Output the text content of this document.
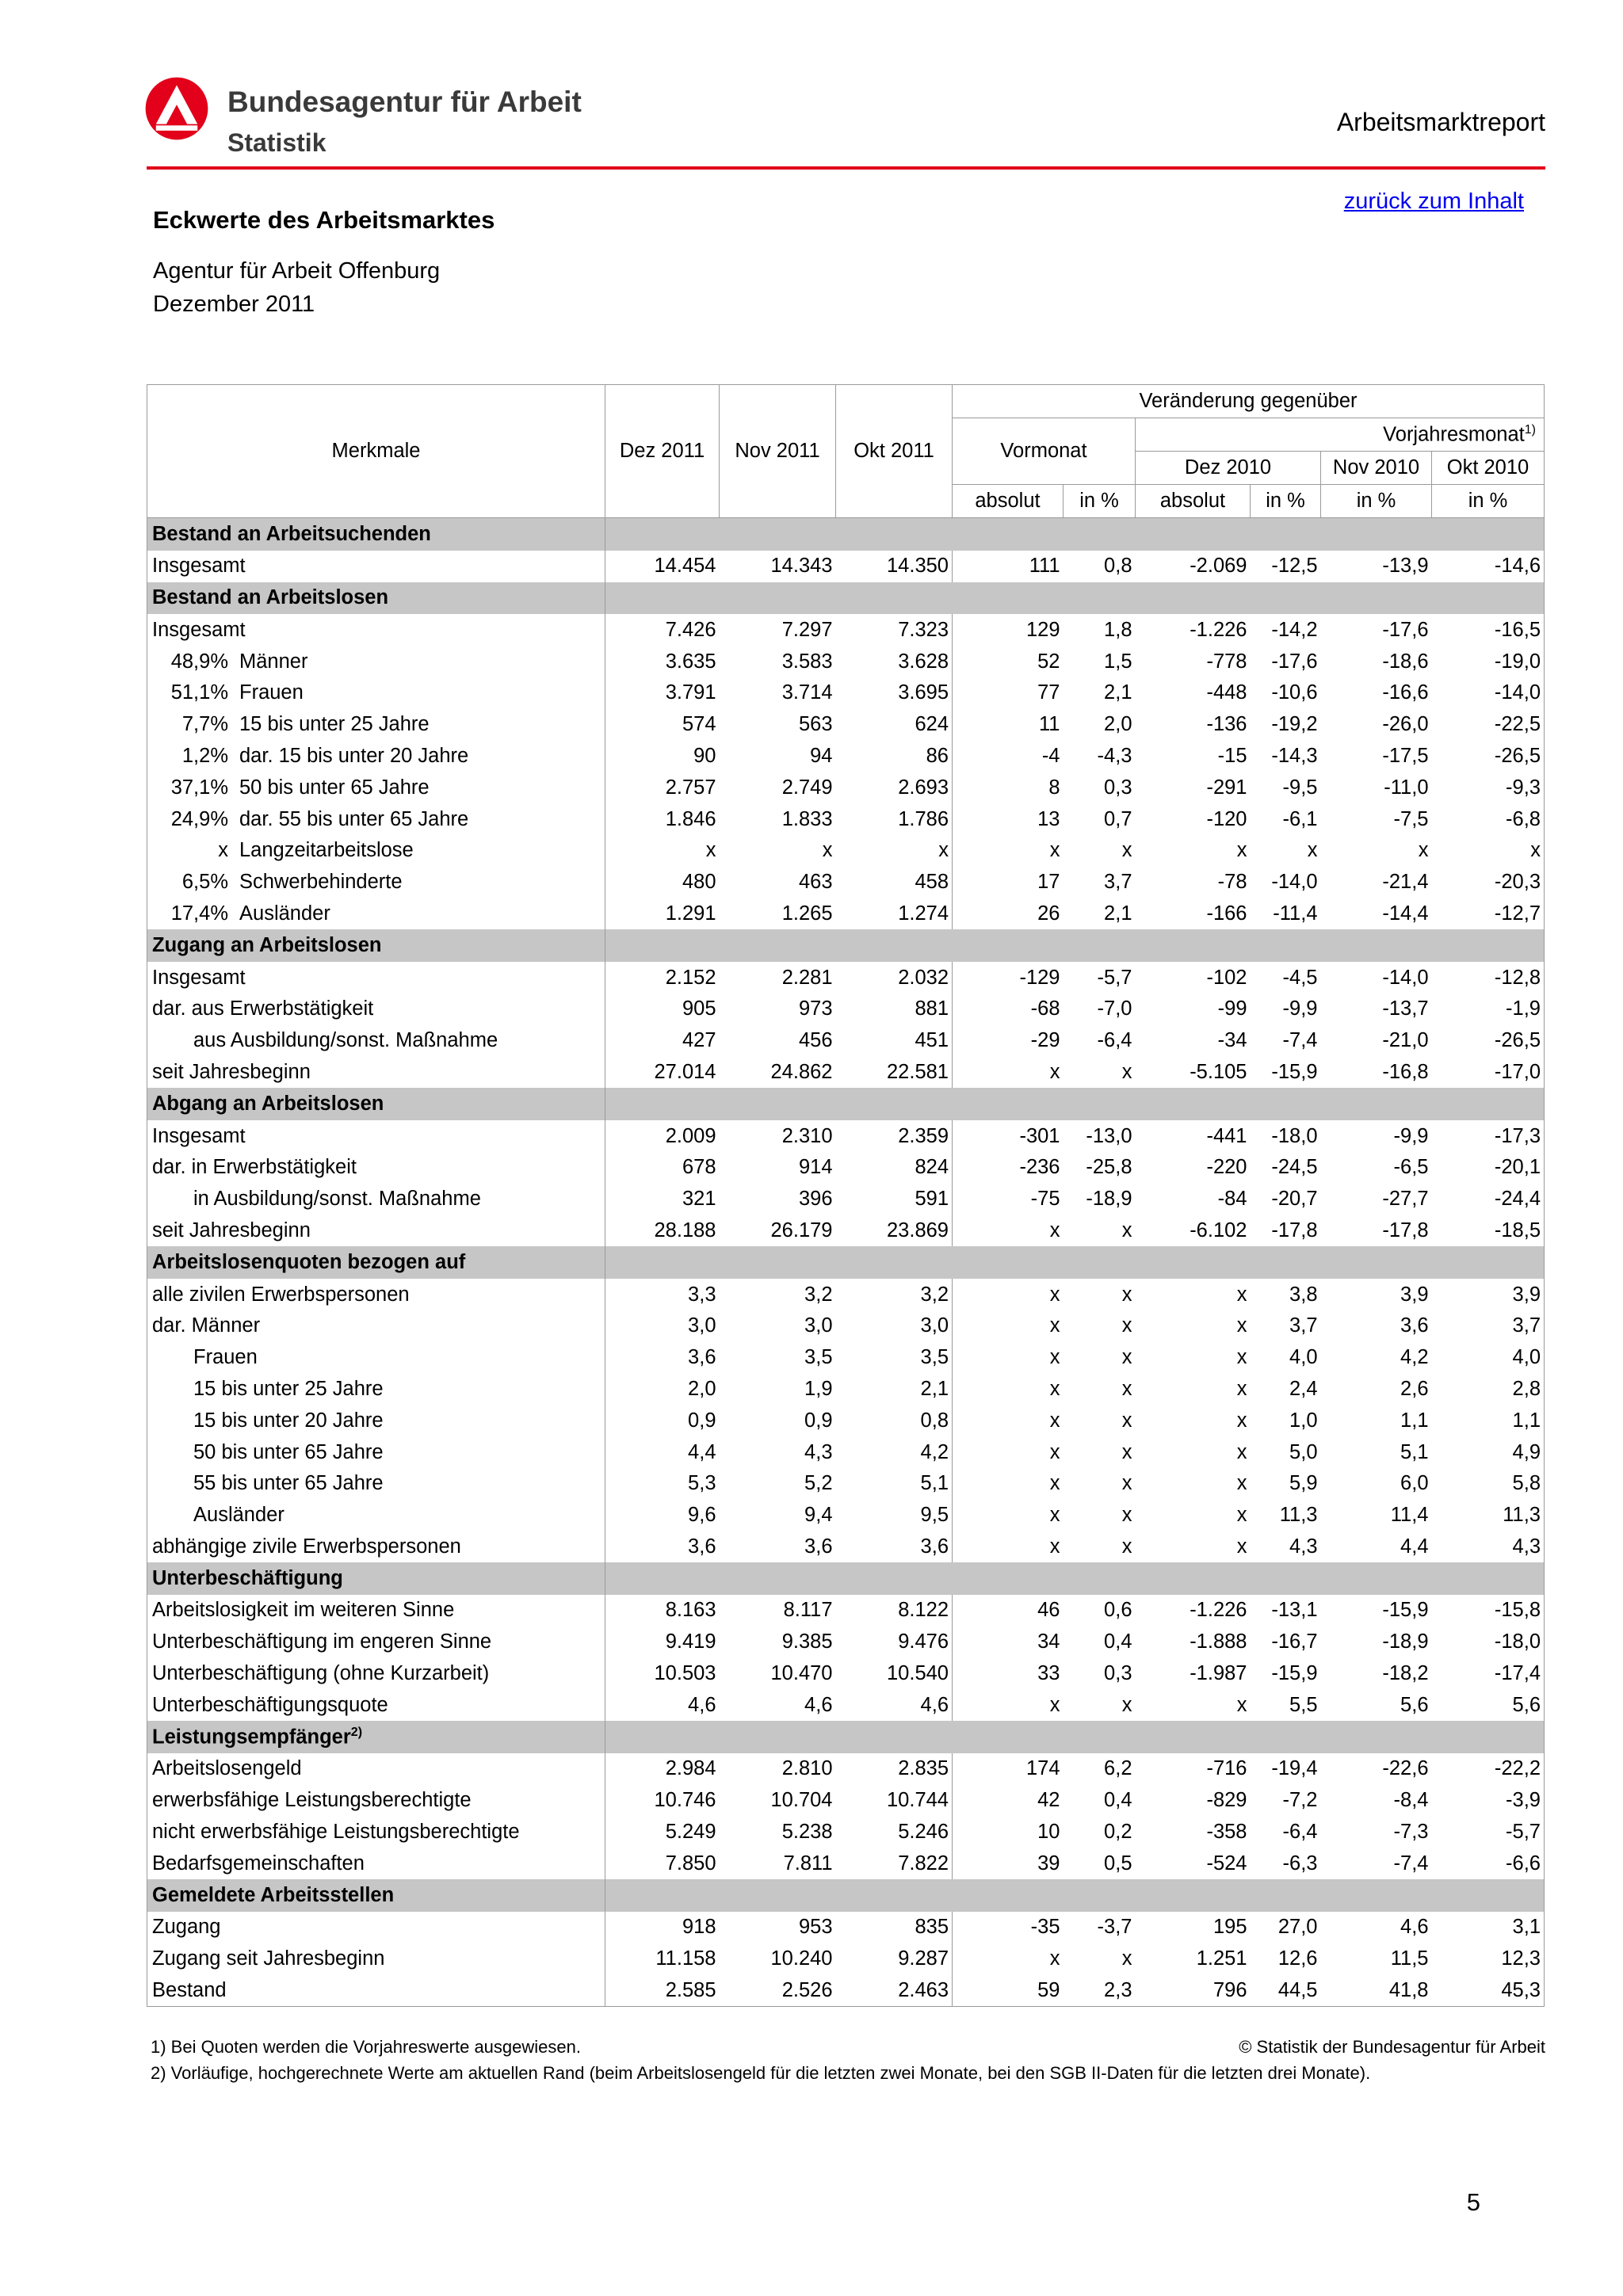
Bundesagentur für Arbeit
Statistik
Arbeitsmarktreport
zurück zum Inhalt
Eckwerte des Arbeitsmarktes
Agentur für Arbeit Offenburg
Dezember 2011
Merkmale	Dez 2011	Nov 2011	Okt 2011	Veränderung gegenüber					
				Vormonat		Vorjahresmonat$^{1)}$
						Dez 2010		Nov 2010	Okt 2010
				absolut	in %	absolut	in %	in %	in %
Bestand an Arbeitsuchenden									
Insgesamt	14.454	14.343	14.350	111	0,8	-2.069	-12,5	-13,9	-14,6
Bestand an Arbeitslosen									
Insgesamt	7.426	7.297	7.323	129	1,8	-1.226	-14,2	-17,6	-16,5
48,9% Männer	3.635	3.583	3.628	52	1,5	-778	-17,6	-18,6	-19,0
51,1% Frauen	3.791	3.714	3.695	77	2,1	-448	-10,6	-16,6	-14,0
7,7% 15 bis unter 25 Jahre	574	563	624	11	2,0	-136	-19,2	-26,0	-22,5
1,2% dar. 15 bis unter 20 Jahre	90	94	86	-4	-4,3	-15	-14,3	-17,5	-26,5
37,1% 50 bis unter 65 Jahre	2.757	2.749	2.693	8	0,3	-291	-9,5	-11,0	-9,3
24,9% dar. 55 bis unter 65 Jahre	1.846	1.833	1.786	13	0,7	-120	-6,1	-7,5	-6,8
x Langzeitarbeitslose	x	x	x	x	x	x	x	x	x
6,5% Schwerbehinderte	480	463	458	17	3,7	-78	-14,0	-21,4	-20,3
17,4% Ausländer	1.291	1.265	1.274	26	2,1	-166	-11,4	-14,4	-12,7
Zugang an Arbeitslosen									
Insgesamt	2.152	2.281	2.032	-129	-5,7	-102	-4,5	-14,0	-12,8
dar. aus Erwerbstätigkeit	905	973	881	-68	-7,0	-99	-9,9	-13,7	-1,9
aus Ausbildung/sonst. Maßnahme	427	456	451	-29	-6,4	-34	-7,4	-21,0	-26,5
seit Jahresbeginn	27.014	24.862	22.581	x	x	-5.105	-15,9	-16,8	-17,0
Abgang an Arbeitslosen									
Insgesamt	2.009	2.310	2.359	-301	-13,0	-441	-18,0	-9,9	-17,3
dar. in Erwerbstätigkeit	678	914	824	-236	-25,8	-220	-24,5	-6,5	-20,1
in Ausbildung/sonst. Maßnahme	321	396	591	-75	-18,9	-84	-20,7	-27,7	-24,4
seit Jahresbeginn	28.188	26.179	23.869	x	x	-6.102	-17,8	-17,8	-18,5
Arbeitslosenquoten bezogen auf									
alle zivilen Erwerbspersonen	3,3	3,2	3,2	x	x	x	3,8	3,9	3,9
dar. Männer	3,0	3,0	3,0	x	x	x	3,7	3,6	3,7
Frauen	3,6	3,5	3,5	x	x	x	4,0	4,2	4,0
15 bis unter 25 Jahre	2,0	1,9	2,1	x	x	x	2,4	2,6	2,8
15 bis unter 20 Jahre	0,9	0,9	0,8	x	x	x	1,0	1,1	1,1
50 bis unter 65 Jahre	4,4	4,3	4,2	x	x	x	5,0	5,1	4,9
55 bis unter 65 Jahre	5,3	5,2	5,1	x	x	x	5,9	6,0	5,8
Ausländer	9,6	9,4	9,5	x	x	x	11,3	11,4	11,3
abhängige zivile Erwerbspersonen	3,6	3,6	3,6	x	x	x	4,3	4,4	4,3
Unterbeschäftigung									
Arbeitslosigkeit im weiteren Sinne	8.163	8.117	8.122	46	0,6	-1.226	-13,1	-15,9	-15,8
Unterbeschäftigung im engeren Sinne	9.419	9.385	9.476	34	0,4	-1.888	-16,7	-18,9	-18,0
Unterbeschäftigung (ohne Kurzarbeit)	10.503	10.470	10.540	33	0,3	-1.987	-15,9	-18,2	-17,4
Unterbeschäftigungsquote	4,6	4,6	4,6	x	x	x	5,5	5,6	5,6
Leistungsempfänger$^{2)}$	
Arbeitslosengeld	2.984	2.810	2.835	174	6,2	-716	-19,4	-22,6	-22,2
erwerbsfähige Leistungsberechtigte	10.746	10.704	10.744	42	0,4	-829	-7,2	-8,4	-3,9
nicht erwerbsfähige Leistungsberechtigte	5.249	5.238	5.246	10	0,2	-358	-6,4	-7,3	-5,7
Bedarfsgemeinschaften	7.850	7.811	7.822	39	0,5	-524	-6,3	-7,4	-6,6
Gemeldete Arbeitsstellen									
Zugang	918	953	835	-35	-3,7	195	27,0	4,6	3,1
Zugang seit Jahresbeginn	11.158	10.240	9.287	x	x	1.251	12,6	11,5	12,3
Bestand	2.585	2.526	2.463	59	2,3	796	44,5	41,8	45,3
1) Bei Quoten werden die Vorjahreswerte ausgewiesen.	© Statistik der Bundesagentur für Arbeit
2) Vorläufige, hochgerechnete Werte am aktuellen Rand (beim Arbeitslosengeld für die letzten zwei Monate, bei den SGB II-Daten für die letzten drei Monate).
5
